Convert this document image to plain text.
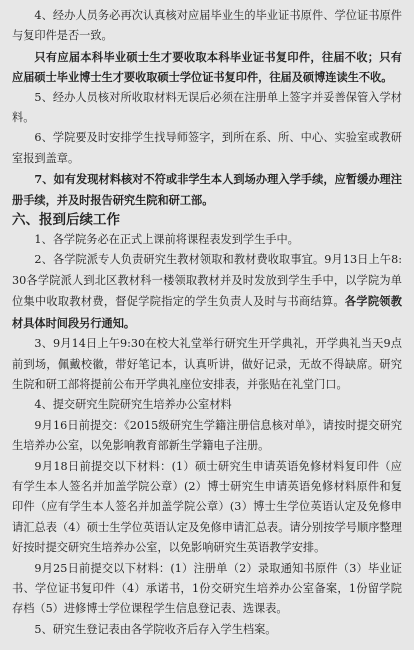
4、经办人员务必再次认真核对应届毕业生的毕业证书原件、学位证书原件与复印件是否一致。

只有应届本科毕业硕士生才要收取本科毕业证书复印件，往届不收；只有应届硕士毕业博士生才要收取硕士学位证书复印件，往届及硕博连读生不收。

5、经办人员核对所收取材料无误后必须在注册单上签字并妥善保管入学材料。

6、学院要及时安排学生找导师签字，到所在系、所、中心、实验室或教研室报到盖章。

7、如有发现材料核对不符或非学生本人到场办理入学手续，应暂缓办理注册手续，并及时报告研究生院和研工部。

六、报到后续工作

1、各学院务必在正式上课前将课程表发到学生手中。

2、各学院派专人负责研究生教材领取和教材费收取事宜。9月13日上午8:30各学院派人到北区教材科一楼领取教材并及时发放到学生手中，以学院为单位集中收取教材费，督促学院指定的学生负责人及时与书商结算。各学院领教材具体时间段另行通知。

3、9月14日上午9:30在校大礼堂举行研究生开学典礼，开学典礼当天9点前到场，佩戴校徽，带好笔记本，认真听讲，做好记录，无故不得缺席。研究生院和研工部将提前公布开学典礼座位安排表，并张贴在礼堂门口。

4、提交研究生院研究生培养办公室材料

9月16日前提交：《2015级研究生学籍注册信息核对单》，请按时提交研究生培养办公室，以免影响教育部新生学籍电子注册。

9月18日前提交以下材料：(1）硕士研究生申请英语免修材料复印件（应有学生本人签名并加盖学院公章）(2）博士研究生申请英语免修材料原件和复印件（应有学生本人签名并加盖学院公章）(3）博士生学位英语认定及免修申请汇总表（4）硕士生学位英语认定及免修申请汇总表。请分别按学号顺序整理好按时提交研究生培养办公室，以免影响研究生英语教学安排。

9月25日前提交以下材料：(1）注册单（2）录取通知书原件（3）毕业证书、学位证书复印件（4）承诺书，1份交研究生培养办公室备案，1份留学院存档（5）进修博士学位课程学生信息登记表、选课表。

5、研究生登记表由各学院收齐后存入学生档案。
